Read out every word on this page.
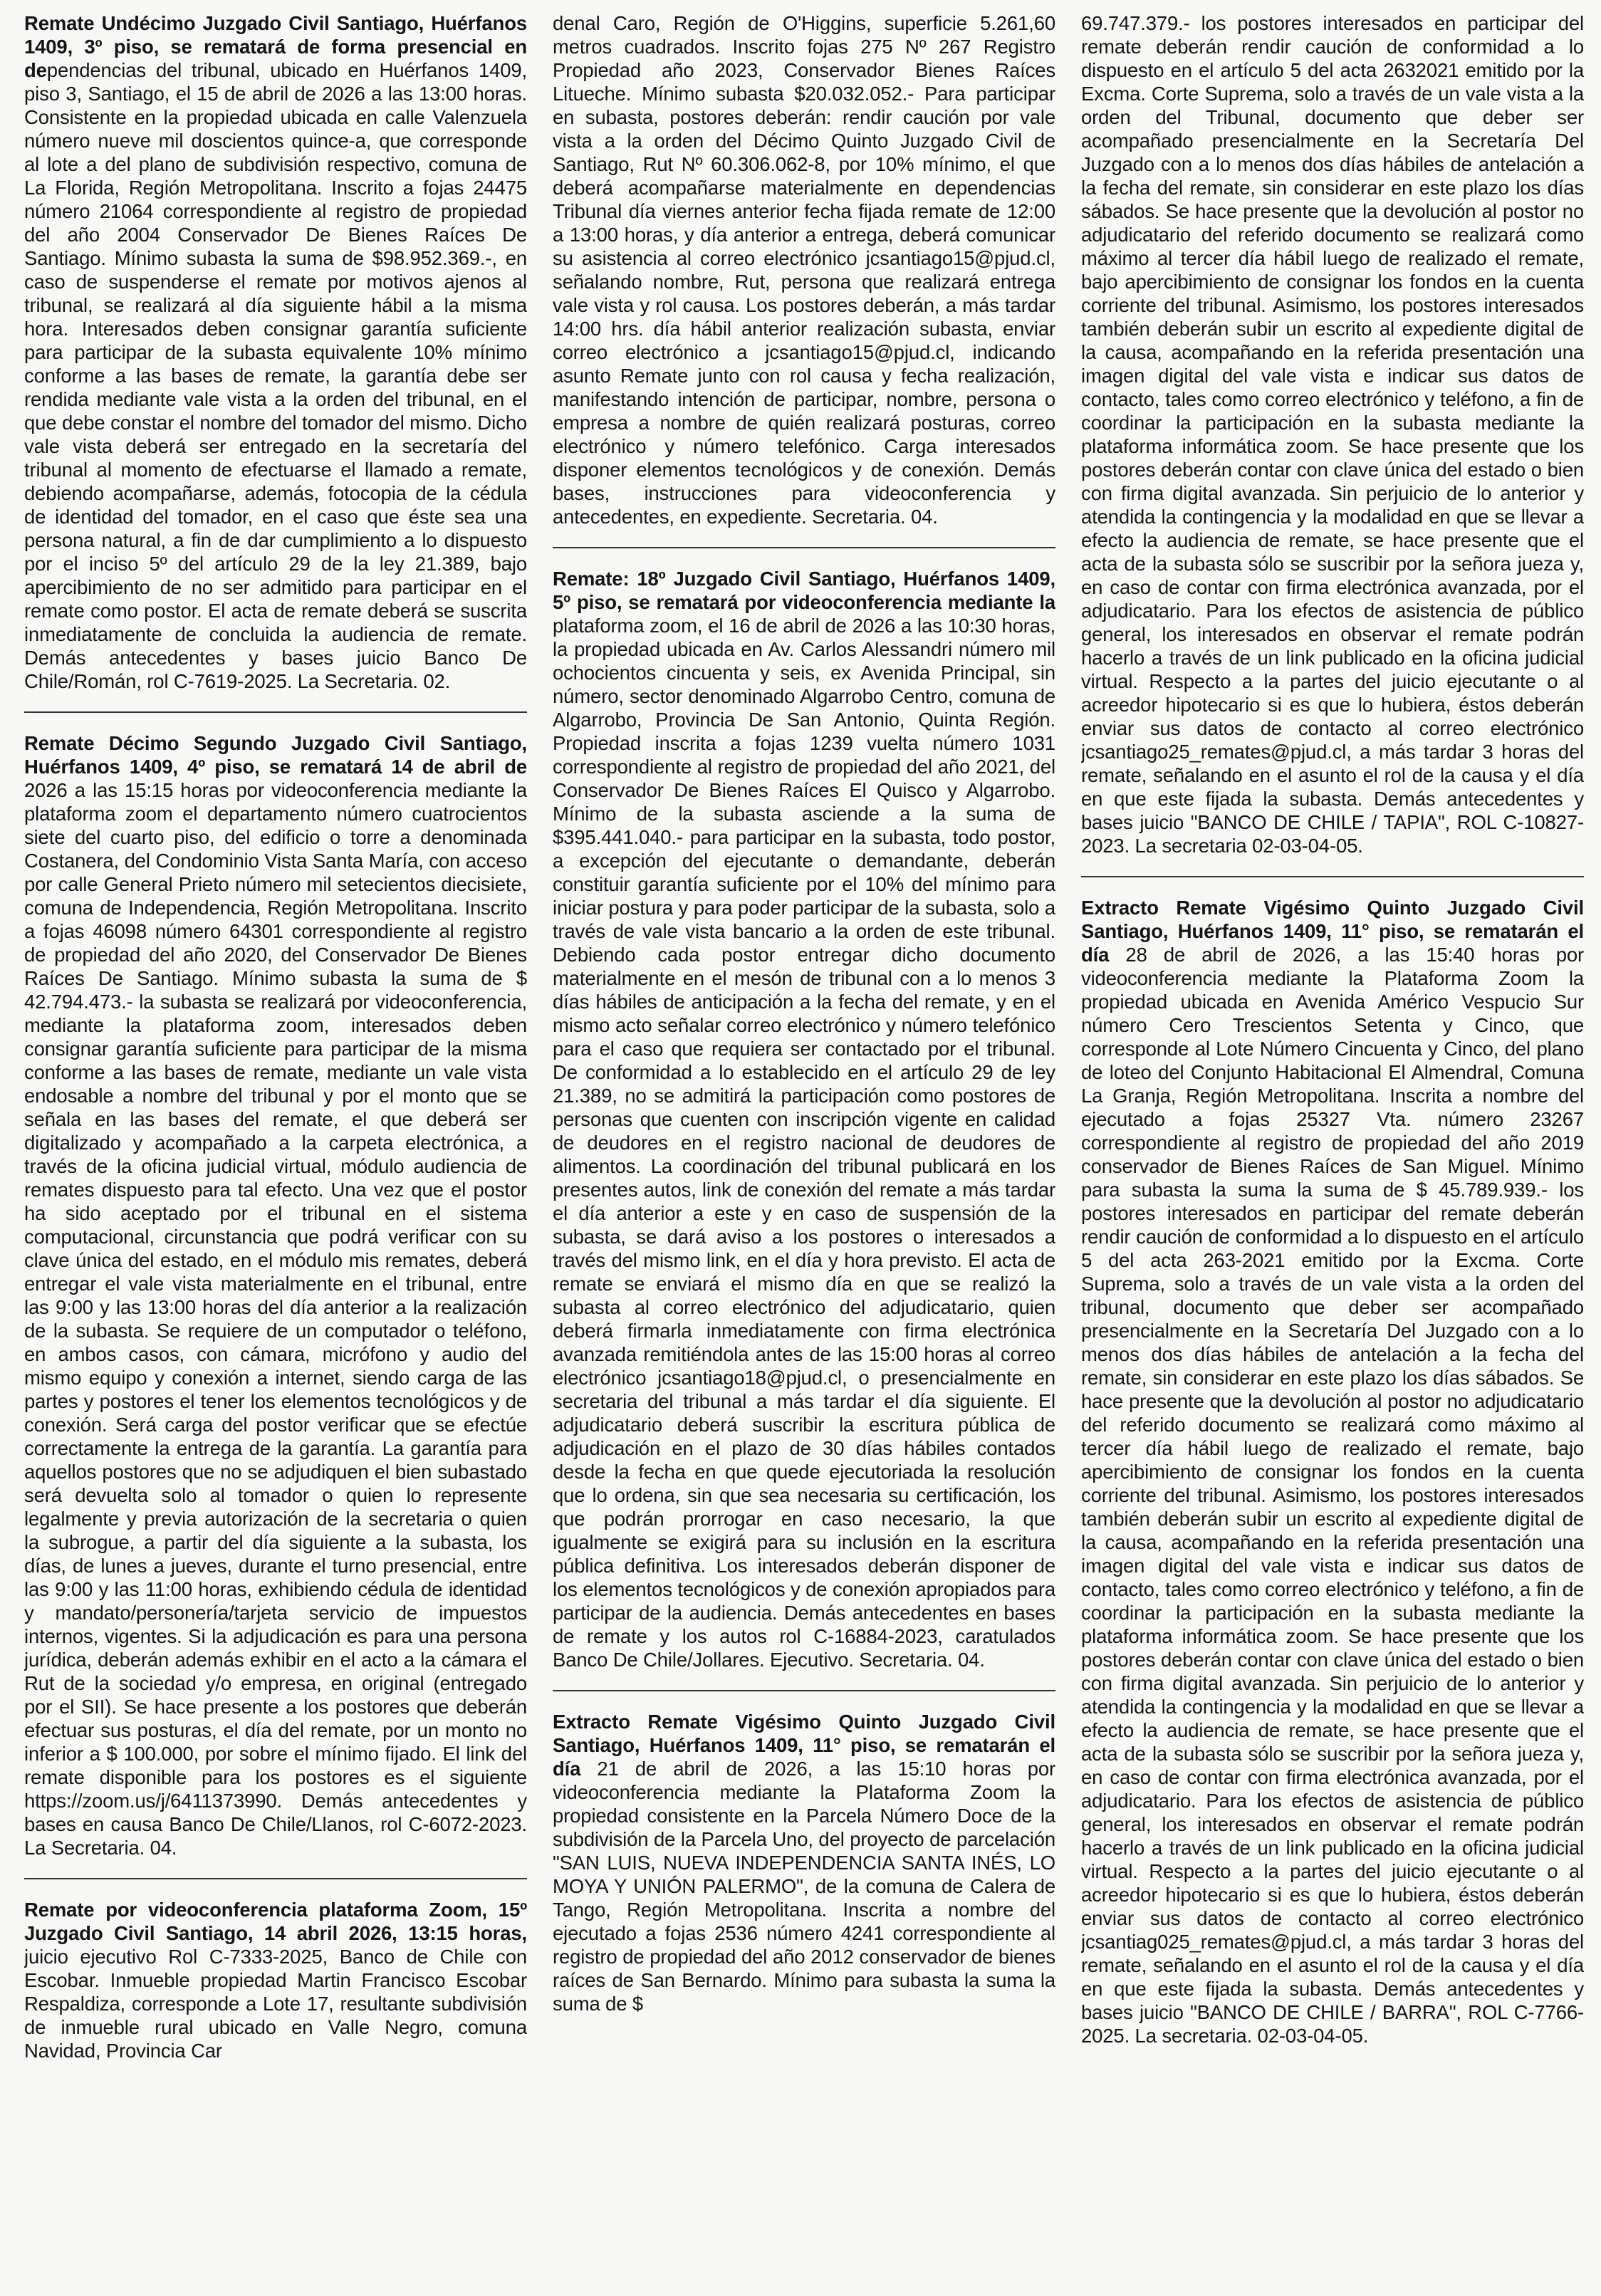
Remate Undécimo Juzgado Civil Santiago, Huérfanos 1409, 3º piso, se rematará de forma presencial en dependencias del tribunal, ubicado en Huérfanos 1409, piso 3, Santiago, el 15 de abril de 2026 a las 13:00 horas. Consistente en la propiedad ubicada en calle Valenzuela número nueve mil doscientos quince-a, que corresponde al lote a del plano de subdivisión respectivo, comuna de La Florida, Región Metropolitana. Inscrito a fojas 24475 número 21064 correspondiente al registro de propiedad del año 2004 Conservador De Bienes Raíces De Santiago. Mínimo subasta la suma de $98.952.369.-, en caso de suspenderse el remate por motivos ajenos al tribunal, se realizará al día siguiente hábil a la misma hora. Interesados deben consignar garantía suficiente para participar de la subasta equivalente 10% mínimo conforme a las bases de remate, la garantía debe ser rendida mediante vale vista a la orden del tribunal, en el que debe constar el nombre del tomador del mismo. Dicho vale vista deberá ser entregado en la secretaría del tribunal al momento de efectuarse el llamado a remate, debiendo acompañarse, además, fotocopia de la cédula de identidad del tomador, en el caso que éste sea una persona natural, a fin de dar cumplimiento a lo dispuesto por el inciso 5º del artículo 29 de la ley 21.389, bajo apercibimiento de no ser admitido para participar en el remate como postor. El acta de remate deberá se suscrita inmediatamente de concluida la audiencia de remate. Demás antecedentes y bases juicio Banco De Chile/Román, rol C-7619-2025. La Secretaria. 02.

Remate Décimo Segundo Juzgado Civil Santiago, Huérfanos 1409, 4º piso, se rematará 14 de abril de 2026 a las 15:15 horas por videoconferencia mediante la plataforma zoom el departamento número cuatrocientos siete del cuarto piso, del edificio o torre a denominada Costanera, del Condominio Vista Santa María, con acceso por calle General Prieto número mil setecientos diecisiete, comuna de Independencia, Región Metropolitana. Inscrito a fojas 46098 número 64301 correspondiente al registro de propiedad del año 2020, del Conservador De Bienes Raíces De Santiago. Mínimo subasta la suma de $ 42.794.473.- la subasta se realizará por videoconferencia, mediante la plataforma zoom, interesados deben consignar garantía suficiente para participar de la misma conforme a las bases de remate, mediante un vale vista endosable a nombre del tribunal y por el monto que se señala en las bases del remate, el que deberá ser digitalizado y acompañado a la carpeta electrónica, a través de la oficina judicial virtual, módulo audiencia de remates dispuesto para tal efecto. Una vez que el postor ha sido aceptado por el tribunal en el sistema computacional, circunstancia que podrá verificar con su clave única del estado, en el módulo mis remates, deberá entregar el vale vista materialmente en el tribunal, entre las 9:00 y las 13:00 horas del día anterior a la realización de la subasta. Se requiere de un computador o teléfono, en ambos casos, con cámara, micrófono y audio del mismo equipo y conexión a internet, siendo carga de las partes y postores el tener los elementos tecnológicos y de conexión. Será carga del postor verificar que se efectúe correctamente la entrega de la garantía. La garantía para aquellos postores que no se adjudiquen el bien subastado será devuelta solo al tomador o quien lo represente legalmente y previa autorización de la secretaria o quien la subrogue, a partir del día siguiente a la subasta, los días, de lunes a jueves, durante el turno presencial, entre las 9:00 y las 11:00 horas, exhibiendo cédula de identidad y mandato/personería/tarjeta servicio de impuestos internos, vigentes. Si la adjudicación es para una persona jurídica, deberán además exhibir en el acto a la cámara el Rut de la sociedad y/o empresa, en original (entregado por el SII). Se hace presente a los postores que deberán efectuar sus posturas, el día del remate, por un monto no inferior a $ 100.000, por sobre el mínimo fijado. El link del remate disponible para los postores es el siguiente https://zoom.us/j/6411373990. Demás antecedentes y bases en causa Banco De Chile/Llanos, rol C-6072-2023. La Secretaria. 04.

Remate por videoconferencia plataforma Zoom, 15º Juzgado Civil Santiago, 14 abril 2026, 13:15 horas, juicio ejecutivo Rol C-7333-2025, Banco de Chile con Escobar. Inmueble propiedad Martin Francisco Escobar Respaldiza, corresponde a Lote 17, resultante subdivisión de inmueble rural ubicado en Valle Negro, comuna Navidad, Provincia Car

denal Caro, Región de O'Higgins, superficie 5.261,60 metros cuadrados. Inscrito fojas 275 Nº 267 Registro Propiedad año 2023, Conservador Bienes Raíces Litueche. Mínimo subasta $20.032.052.- Para participar en subasta, postores deberán: rendir caución por vale vista a la orden del Décimo Quinto Juzgado Civil de Santiago, Rut Nº 60.306.062-8, por 10% mínimo, el que deberá acompañarse materialmente en dependencias Tribunal día viernes anterior fecha fijada remate de 12:00 a 13:00 horas, y día anterior a entrega, deberá comunicar su asistencia al correo electrónico jcsantiago15@pjud.cl, señalando nombre, Rut, persona que realizará entrega vale vista y rol causa. Los postores deberán, a más tardar 14:00 hrs. día hábil anterior realización subasta, enviar correo electrónico a jcsantiago15@pjud.cl, indicando asunto Remate junto con rol causa y fecha realización, manifestando intención de participar, nombre, persona o empresa a nombre de quién realizará posturas, correo electrónico y número telefónico. Carga interesados disponer elementos tecnológicos y de conexión. Demás bases, instrucciones para videoconferencia y antecedentes, en expediente. Secretaria. 04.

Remate: 18º Juzgado Civil Santiago, Huérfanos 1409, 5º piso, se rematará por videoconferencia mediante la plataforma zoom, el 16 de abril de 2026 a las 10:30 horas, la propiedad ubicada en Av. Carlos Alessandri número mil ochocientos cincuenta y seis, ex Avenida Principal, sin número, sector denominado Algarrobo Centro, comuna de Algarrobo, Provincia De San Antonio, Quinta Región. Propiedad inscrita a fojas 1239 vuelta número 1031 correspondiente al registro de propiedad del año 2021, del Conservador De Bienes Raíces El Quisco y Algarrobo. Mínimo de la subasta asciende a la suma de $395.441.040.- para participar en la subasta, todo postor, a excepción del ejecutante o demandante, deberán constituir garantía suficiente por el 10% del mínimo para iniciar postura y para poder participar de la subasta, solo a través de vale vista bancario a la orden de este tribunal. Debiendo cada postor entregar dicho documento materialmente en el mesón de tribunal con a lo menos 3 días hábiles de anticipación a la fecha del remate, y en el mismo acto señalar correo electrónico y número telefónico para el caso que requiera ser contactado por el tribunal. De conformidad a lo establecido en el artículo 29 de ley 21.389, no se admitirá la participación como postores de personas que cuenten con inscripción vigente en calidad de deudores en el registro nacional de deudores de alimentos. La coordinación del tribunal publicará en los presentes autos, link de conexión del remate a más tardar el día anterior a este y en caso de suspensión de la subasta, se dará aviso a los postores o interesados a través del mismo link, en el día y hora previsto. El acta de remate se enviará el mismo día en que se realizó la subasta al correo electrónico del adjudicatario, quien deberá firmarla inmediatamente con firma electrónica avanzada remitiéndola antes de las 15:00 horas al correo electrónico jcsantiago18@pjud.cl, o presencialmente en secretaria del tribunal a más tardar el día siguiente. El adjudicatario deberá suscribir la escritura pública de adjudicación en el plazo de 30 días hábiles contados desde la fecha en que quede ejecutoriada la resolución que lo ordena, sin que sea necesaria su certificación, los que podrán prorrogar en caso necesario, la que igualmente se exigirá para su inclusión en la escritura pública definitiva. Los interesados deberán disponer de los elementos tecnológicos y de conexión apropiados para participar de la audiencia. Demás antecedentes en bases de remate y los autos rol C-16884-2023, caratulados Banco De Chile/Jollares. Ejecutivo. Secretaria. 04.

Extracto Remate Vigésimo Quinto Juzgado Civil Santiago, Huérfanos 1409, 11° piso, se rematarán el día 21 de abril de 2026, a las 15:10 horas por videoconferencia mediante la Plataforma Zoom la propiedad consistente en la Parcela Número Doce de la subdivisión de la Parcela Uno, del proyecto de parcelación "SAN LUIS, NUEVA INDEPENDENCIA SANTA INÉS, LO MOYA Y UNIÓN PALERMO", de la comuna de Calera de Tango, Región Metropolitana. Inscrita a nombre del ejecutado a fojas 2536 número 4241 correspondiente al registro de propiedad del año 2012 conservador de bienes raíces de San Bernardo. Mínimo para subasta la suma la suma de $

69.747.379.- los postores interesados en participar del remate deberán rendir caución de conformidad a lo dispuesto en el artículo 5 del acta 2632021 emitido por la Excma. Corte Suprema, solo a través de un vale vista a la orden del Tribunal, documento que deber ser acompañado presencialmente en la Secretaría Del Juzgado con a lo menos dos días hábiles de antelación a la fecha del remate, sin considerar en este plazo los días sábados. Se hace presente que la devolución al postor no adjudicatario del referido documento se realizará como máximo al tercer día hábil luego de realizado el remate, bajo apercibimiento de consignar los fondos en la cuenta corriente del tribunal. Asimismo, los postores interesados también deberán subir un escrito al expediente digital de la causa, acompañando en la referida presentación una imagen digital del vale vista e indicar sus datos de contacto, tales como correo electrónico y teléfono, a fin de coordinar la participación en la subasta mediante la plataforma informática zoom. Se hace presente que los postores deberán contar con clave única del estado o bien con firma digital avanzada. Sin perjuicio de lo anterior y atendida la contingencia y la modalidad en que se llevar a efecto la audiencia de remate, se hace presente que el acta de la subasta sólo se suscribir por la señora jueza y, en caso de contar con firma electrónica avanzada, por el adjudicatario. Para los efectos de asistencia de público general, los interesados en observar el remate podrán hacerlo a través de un link publicado en la oficina judicial virtual. Respecto a la partes del juicio ejecutante o al acreedor hipotecario si es que lo hubiera, éstos deberán enviar sus datos de contacto al correo electrónico jcsantiago25_remates@pjud.cl, a más tardar 3 horas del remate, señalando en el asunto el rol de la causa y el día en que este fijada la subasta. Demás antecedentes y bases juicio "BANCO DE CHILE / TAPIA", ROL C-10827-2023. La secretaria 02-03-04-05.

Extracto Remate Vigésimo Quinto Juzgado Civil Santiago, Huérfanos 1409, 11° piso, se rematarán el día 28 de abril de 2026, a las 15:40 horas por videoconferencia mediante la Plataforma Zoom la propiedad ubicada en Avenida Américo Vespucio Sur número Cero Trescientos Setenta y Cinco, que corresponde al Lote Número Cincuenta y Cinco, del plano de loteo del Conjunto Habitacional El Almendral, Comuna La Granja, Región Metropolitana. Inscrita a nombre del ejecutado a fojas 25327 Vta. número 23267 correspondiente al registro de propiedad del año 2019 conservador de Bienes Raíces de San Miguel. Mínimo para subasta la suma la suma de $ 45.789.939.- los postores interesados en participar del remate deberán rendir caución de conformidad a lo dispuesto en el artículo 5 del acta 263-2021 emitido por la Excma. Corte Suprema, solo a través de un vale vista a la orden del tribunal, documento que deber ser acompañado presencialmente en la Secretaría Del Juzgado con a lo menos dos días hábiles de antelación a la fecha del remate, sin considerar en este plazo los días sábados. Se hace presente que la devolución al postor no adjudicatario del referido documento se realizará como máximo al tercer día hábil luego de realizado el remate, bajo apercibimiento de consignar los fondos en la cuenta corriente del tribunal. Asimismo, los postores interesados también deberán subir un escrito al expediente digital de la causa, acompañando en la referida presentación una imagen digital del vale vista e indicar sus datos de contacto, tales como correo electrónico y teléfono, a fin de coordinar la participación en la subasta mediante la plataforma informática zoom. Se hace presente que los postores deberán contar con clave única del estado o bien con firma digital avanzada. Sin perjuicio de lo anterior y atendida la contingencia y la modalidad en que se llevar a efecto la audiencia de remate, se hace presente que el acta de la subasta sólo se suscribir por la señora jueza y, en caso de contar con firma electrónica avanzada, por el adjudicatario. Para los efectos de asistencia de público general, los interesados en observar el remate podrán hacerlo a través de un link publicado en la oficina judicial virtual. Respecto a la partes del juicio ejecutante o al acreedor hipotecario si es que lo hubiera, éstos deberán enviar sus datos de contacto al correo electrónico jcsantiag025_remates@pjud.cl, a más tardar 3 horas del remate, señalando en el asunto el rol de la causa y el día en que este fijada la subasta. Demás antecedentes y bases juicio "BANCO DE CHILE / BARRA", ROL C-7766-2025. La secretaria. 02-03-04-05.
